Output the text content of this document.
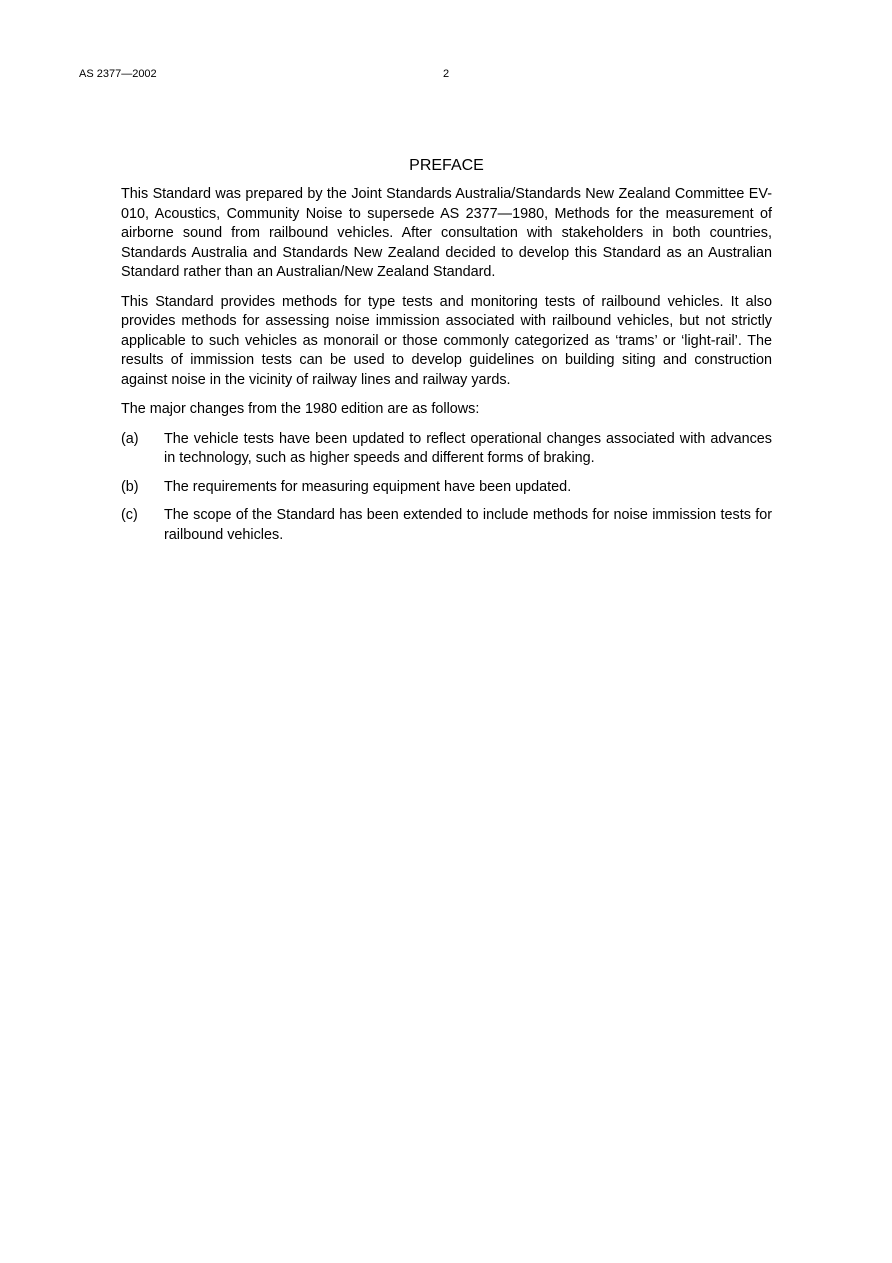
AS 2377—2002	2
PREFACE

This Standard was prepared by the Joint Standards Australia/Standards New Zealand Committee EV-010, Acoustics, Community Noise to supersede AS 2377—1980, Methods for the measurement of airborne sound from railbound vehicles. After consultation with stakeholders in both countries, Standards Australia and Standards New Zealand decided to develop this Standard as an Australian Standard rather than an Australian/New Zealand Standard.

This Standard provides methods for type tests and monitoring tests of railbound vehicles. It also provides methods for assessing noise immission associated with railbound vehicles, but not strictly applicable to such vehicles as monorail or those commonly categorized as ‘trams’ or ‘light-rail’. The results of immission tests can be used to develop guidelines on building siting and construction against noise in the vicinity of railway lines and railway yards.

The major changes from the 1980 edition are as follows:

(a)	The vehicle tests have been updated to reflect operational changes associated with advances in technology, such as higher speeds and different forms of braking.
(b)	The requirements for measuring equipment have been updated.
(c)	The scope of the Standard has been extended to include methods for noise immission tests for railbound vehicles.
